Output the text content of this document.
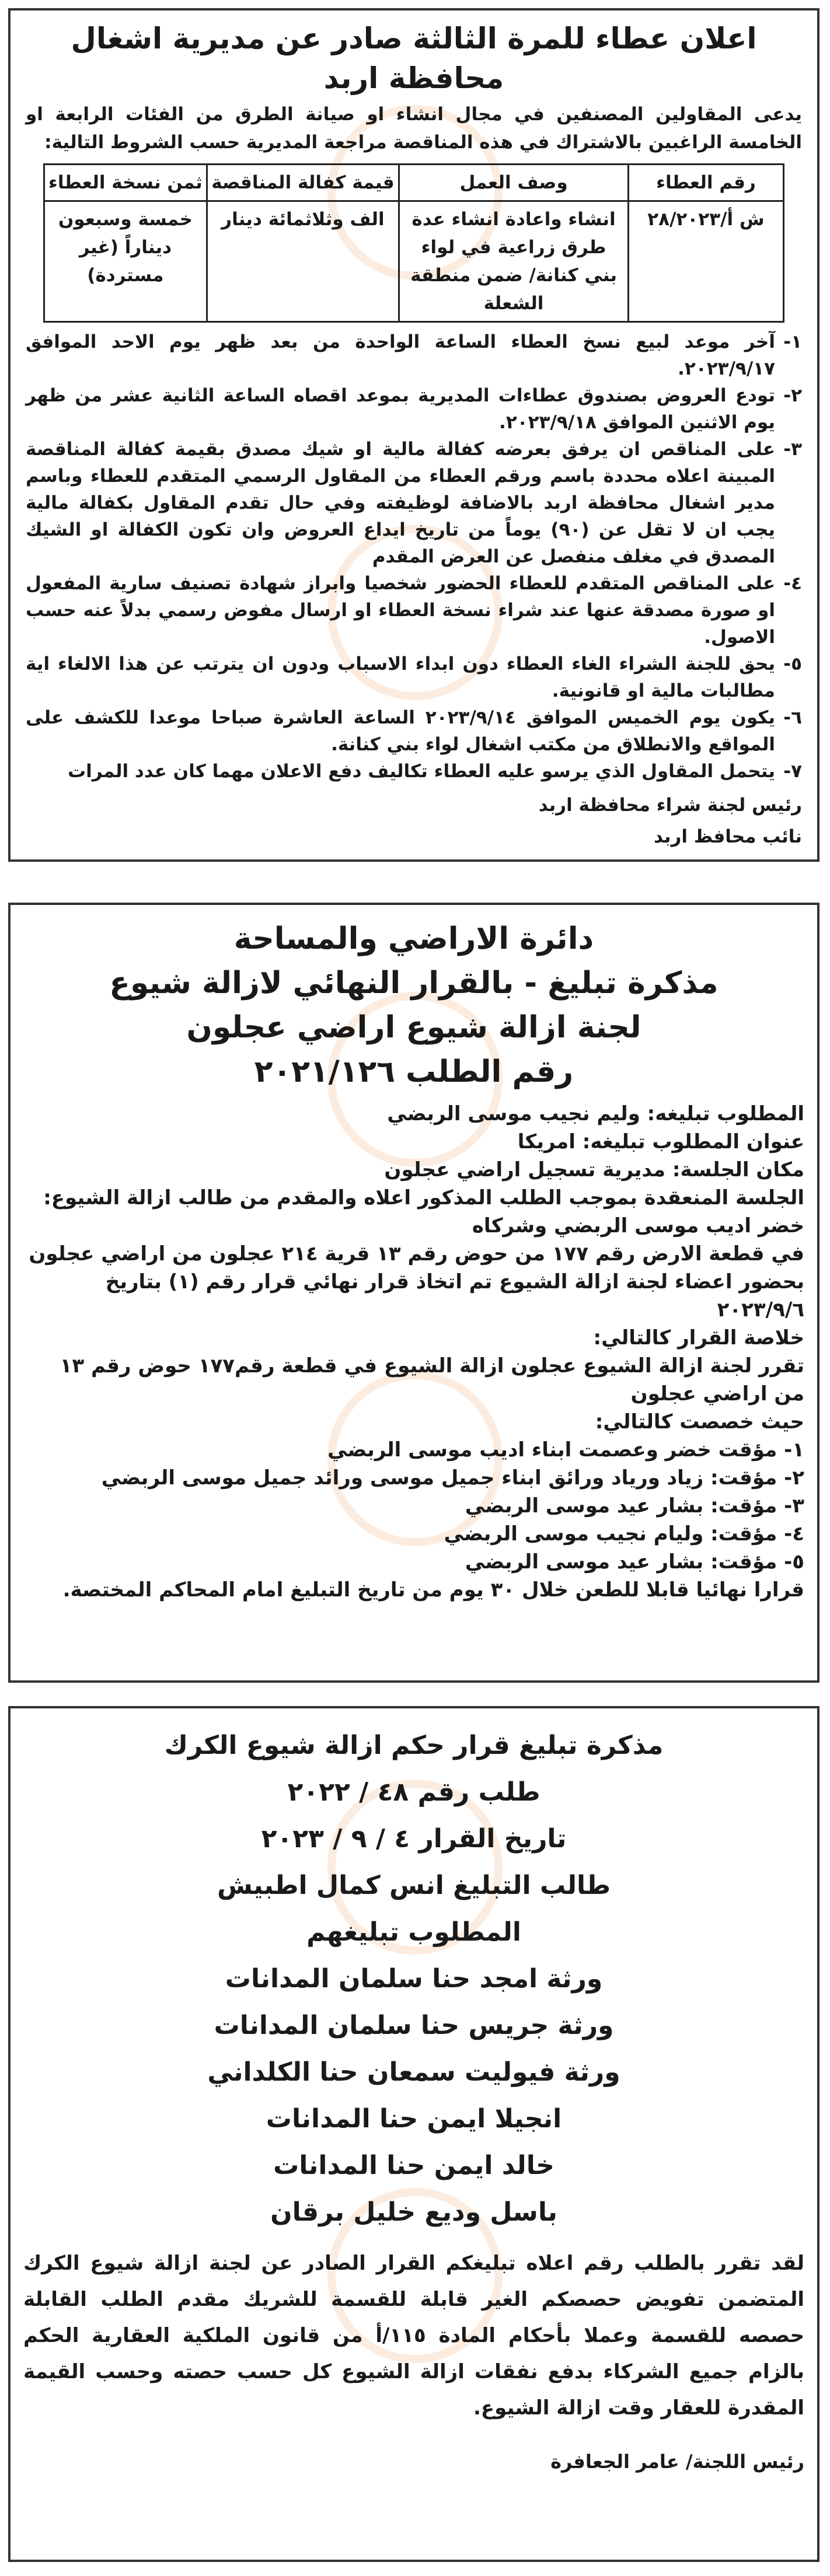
اعلان عطاء للمرة الثالثة صادر عن مديرية اشغال محافظة اربد
يدعى المقاولين المصنفين في مجال انشاء او صيانة الطرق من الفئات الرابعة او الخامسة الراغبين بالاشتراك في هذه المناقصة مراجعة المديرية حسب الشروط التالية:
رقم العطاء	وصف العمل	قيمة كفالة المناقصة	ثمن نسخة العطاء
ش أ/٢٨/٢٠٢٣	انشاء واعادة انشاء عدة طرق زراعية في لواء بني كنانة/ ضمن منطقة الشعلة	الف وثلاثمائة دينار	خمسة وسبعون ديناراً (غير مستردة)
١-
آخر موعد لبيع نسخ العطاء الساعة الواحدة من بعد ظهر يوم الاحد الموافق ٢٠٢٣/٩/١٧.
٢-
تودع العروض بصندوق عطاءات المديرية بموعد اقصاه الساعة الثانية عشر من ظهر يوم الاثنين الموافق ٢٠٢٣/٩/١٨.
٣-
على المناقص ان يرفق بعرضه كفالة مالية او شيك مصدق بقيمة كفالة المناقصة المبينة اعلاه محددة باسم ورقم العطاء من المقاول الرسمي المتقدم للعطاء وباسم مدير اشغال محافظة اربد بالاضافة لوظيفته وفي حال تقدم المقاول بكفالة مالية يجب ان لا تقل عن (٩٠) يوماً من تاريخ ايداع العروض وان تكون الكفالة او الشيك المصدق في مغلف منفصل عن العرض المقدم
٤-
على المناقص المتقدم للعطاء الحضور شخصيا وابراز شهادة تصنيف سارية المفعول او صورة مصدقة عنها عند شراء نسخة العطاء او ارسال مفوض رسمي بدلاً عنه حسب الاصول.
٥-
يحق للجنة الشراء الغاء العطاء دون ابداء الاسباب ودون ان يترتب عن هذا الالغاء اية مطالبات مالية او قانونية.
٦-
يكون يوم الخميس الموافق ٢٠٢٣/٩/١٤ الساعة العاشرة صباحا موعدا للكشف على المواقع والانطلاق من مكتب اشغال لواء بني كنانة.
٧-
يتحمل المقاول الذي يرسو عليه العطاء تكاليف دفع الاعلان مهما كان عدد المرات
رئيس لجنة شراء محافظة اربد
نائب محافظ اربد
دائرة الاراضي والمساحة
مذكرة تبليغ - بالقرار النهائي لازالة شيوع
لجنة ازالة شيوع اراضي عجلون
رقم الطلب ٢٠٢١/١٢٦
المطلوب تبليغه: وليم نجيب موسى الربضي
عنوان المطلوب تبليغه: امريكا
مكان الجلسة: مديرية تسجيل اراضي عجلون
الجلسة المنعقدة بموجب الطلب المذكور اعلاه والمقدم من طالب ازالة الشيوع:
خضر اديب موسى الربضي وشركاه
في قطعة الارض رقم ١٧٧ من حوض رقم ١٣ قرية ٢١٤ عجلون من اراضي عجلون
بحضور اعضاء لجنة ازالة الشيوع تم اتخاذ قرار نهائي قرار رقم (١) بتاريخ ٢٠٢٣/٩/٦
خلاصة القرار كالتالي:
تقرر لجنة ازالة الشيوع عجلون ازالة الشيوع في قطعة رقم١٧٧ حوض رقم ١٣ من اراضي عجلون
حيث خصصت كالتالي:
١- مؤقت خضر وعصمت ابناء اديب موسى الربضي
٢- مؤقت: زياد ورياد ورائق ابناء جميل موسى ورائد جميل موسى الربضي
٣- مؤقت: بشار عيد موسى الربضي
٤- مؤقت: وليام نجيب موسى الربضي
٥- مؤقت: بشار عيد موسى الربضي
قرارا نهائيا قابلا للطعن خلال ٣٠ يوم من تاريخ التبليغ امام المحاكم المختصة.
مذكرة تبليغ قرار حكم ازالة شيوع الكرك
طلب رقم ٤٨ / ٢٠٢٢
تاريخ القرار ٤ / ٩ / ٢٠٢٣
طالب التبليغ انس كمال اطبيش
المطلوب تبليغهم
ورثة امجد حنا سلمان المدانات
ورثة جريس حنا سلمان المدانات
ورثة فيوليت سمعان حنا الكلداني
انجيلا ايمن حنا المدانات
خالد ايمن حنا المدانات
باسل وديع خليل برقان
لقد تقرر بالطلب رقم اعلاه تبليغكم القرار الصادر عن لجنة ازالة شيوع الكرك المتضمن تفويض حصصكم الغير قابلة للقسمة للشريك مقدم الطلب القابلة حصصه للقسمة وعملا بأحكام المادة ١١٥/أ من قانون الملكية العقارية الحكم بالزام جميع الشركاء بدفع نفقات ازالة الشيوع كل حسب حصته وحسب القيمة المقدرة للعقار وقت ازالة الشيوع.
رئيس اللجنة/ عامر الجعافرة
